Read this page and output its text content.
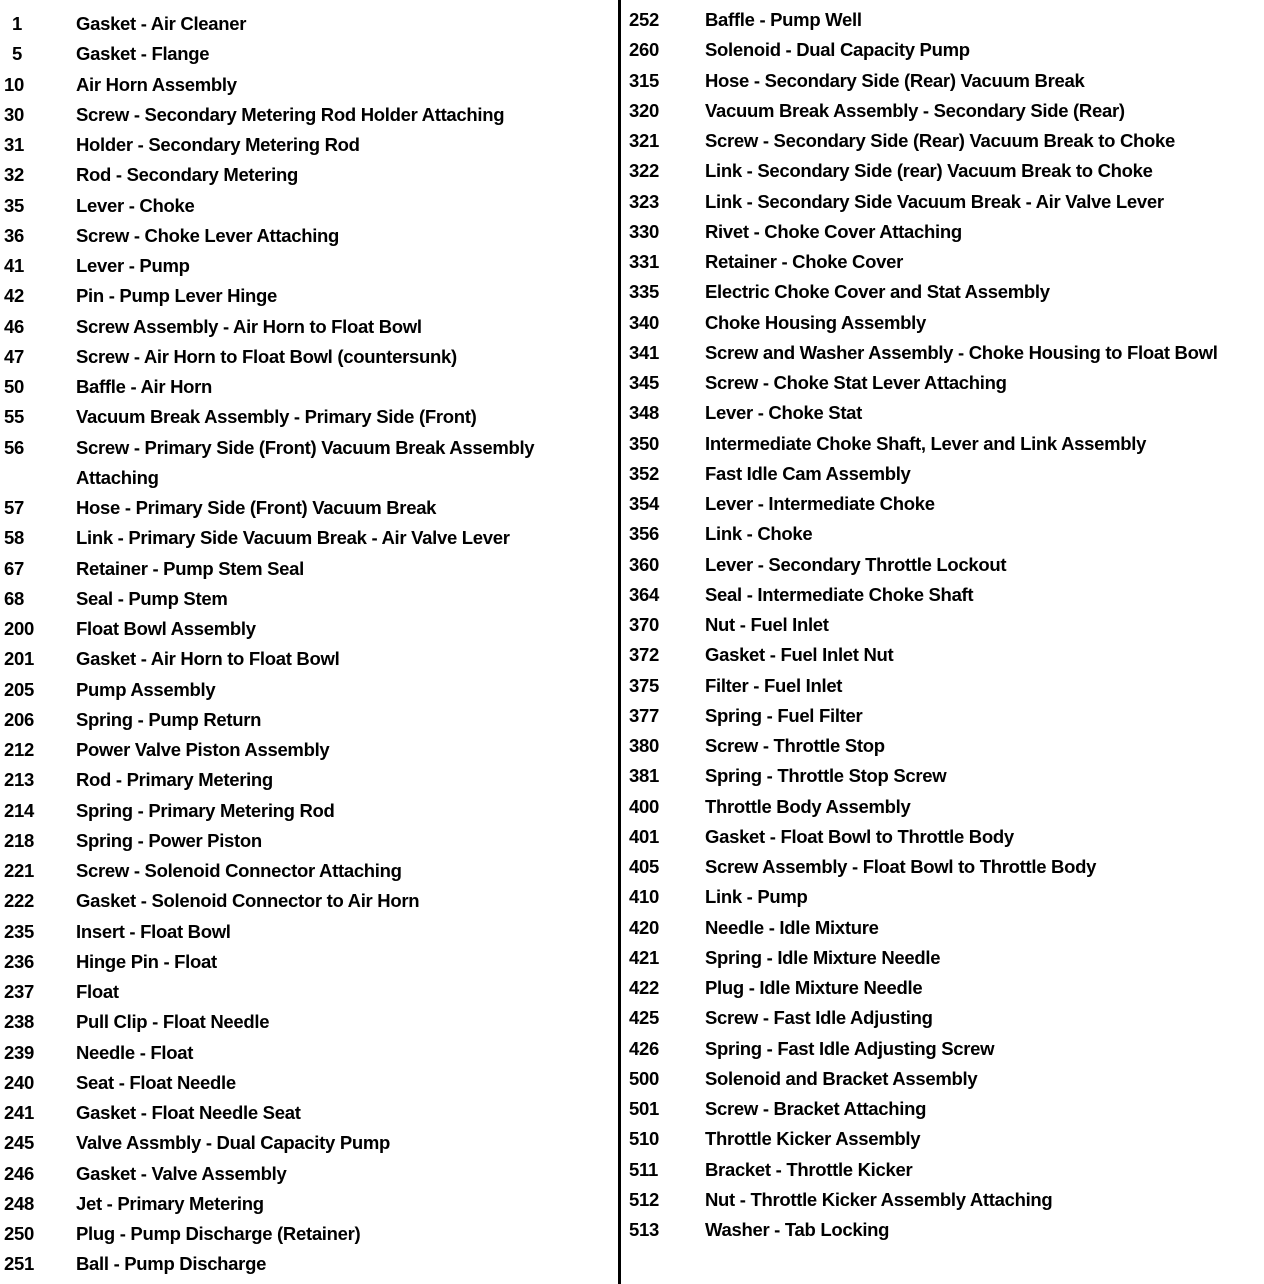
1	Gasket - Air Cleaner
5	Gasket - Flange
10	Air Horn Assembly
30	Screw - Secondary Metering Rod Holder Attaching
31	Holder - Secondary Metering Rod
32	Rod - Secondary Metering
35	Lever - Choke
36	Screw - Choke Lever Attaching
41	Lever - Pump
42	Pin - Pump Lever Hinge
46	Screw Assembly - Air Horn to Float Bowl
47	Screw - Air Horn to Float Bowl (countersunk)
50	Baffle - Air Horn
55	Vacuum Break Assembly - Primary Side (Front)
56	Screw - Primary Side (Front) Vacuum Break Assembly Attaching
57	Hose - Primary Side (Front) Vacuum Break
58	Link - Primary Side Vacuum Break - Air Valve Lever
67	Retainer - Pump Stem Seal
68	Seal - Pump Stem
200	Float Bowl Assembly
201	Gasket - Air Horn to Float Bowl
205	Pump Assembly
206	Spring - Pump Return
212	Power Valve Piston Assembly
213	Rod - Primary Metering
214	Spring - Primary Metering Rod
218	Spring - Power Piston
221	Screw - Solenoid Connector Attaching
222	Gasket - Solenoid Connector to Air Horn
235	Insert - Float Bowl
236	Hinge Pin - Float
237	Float
238	Pull Clip - Float Needle
239	Needle - Float
240	Seat - Float Needle
241	Gasket - Float Needle Seat
245	Valve Assmbly - Dual Capacity Pump
246	Gasket - Valve Assembly
248	Jet - Primary Metering
250	Plug - Pump Discharge (Retainer)
251	Ball - Pump Discharge
252	Baffle - Pump Well
260	Solenoid - Dual Capacity Pump
315	Hose - Secondary Side (Rear) Vacuum Break
320	Vacuum Break Assembly - Secondary Side (Rear)
321	Screw - Secondary Side (Rear) Vacuum Break to Choke
322	Link - Secondary Side (rear) Vacuum Break to Choke
323	Link - Secondary Side Vacuum Break - Air Valve Lever
330	Rivet - Choke Cover Attaching
331	Retainer - Choke Cover
335	Electric Choke Cover and Stat Assembly
340	Choke Housing Assembly
341	Screw and Washer Assembly - Choke Housing to Float Bowl
345	Screw - Choke Stat Lever Attaching
348	Lever - Choke Stat
350	Intermediate Choke Shaft, Lever and Link Assembly
352	Fast Idle Cam Assembly
354	Lever - Intermediate Choke
356	Link - Choke
360	Lever - Secondary Throttle Lockout
364	Seal - Intermediate Choke Shaft
370	Nut - Fuel Inlet
372	Gasket - Fuel Inlet Nut
375	Filter - Fuel Inlet
377	Spring - Fuel Filter
380	Screw - Throttle Stop
381	Spring - Throttle Stop Screw
400	Throttle Body Assembly
401	Gasket - Float Bowl to Throttle Body
405	Screw Assembly - Float Bowl to Throttle Body
410	Link - Pump
420	Needle - Idle Mixture
421	Spring - Idle Mixture Needle
422	Plug - Idle Mixture Needle
425	Screw - Fast Idle Adjusting
426	Spring - Fast Idle Adjusting Screw
500	Solenoid and Bracket Assembly
501	Screw - Bracket Attaching
510	Throttle Kicker Assembly
511	Bracket - Throttle Kicker
512	Nut - Throttle Kicker Assembly Attaching
513	Washer - Tab Locking
